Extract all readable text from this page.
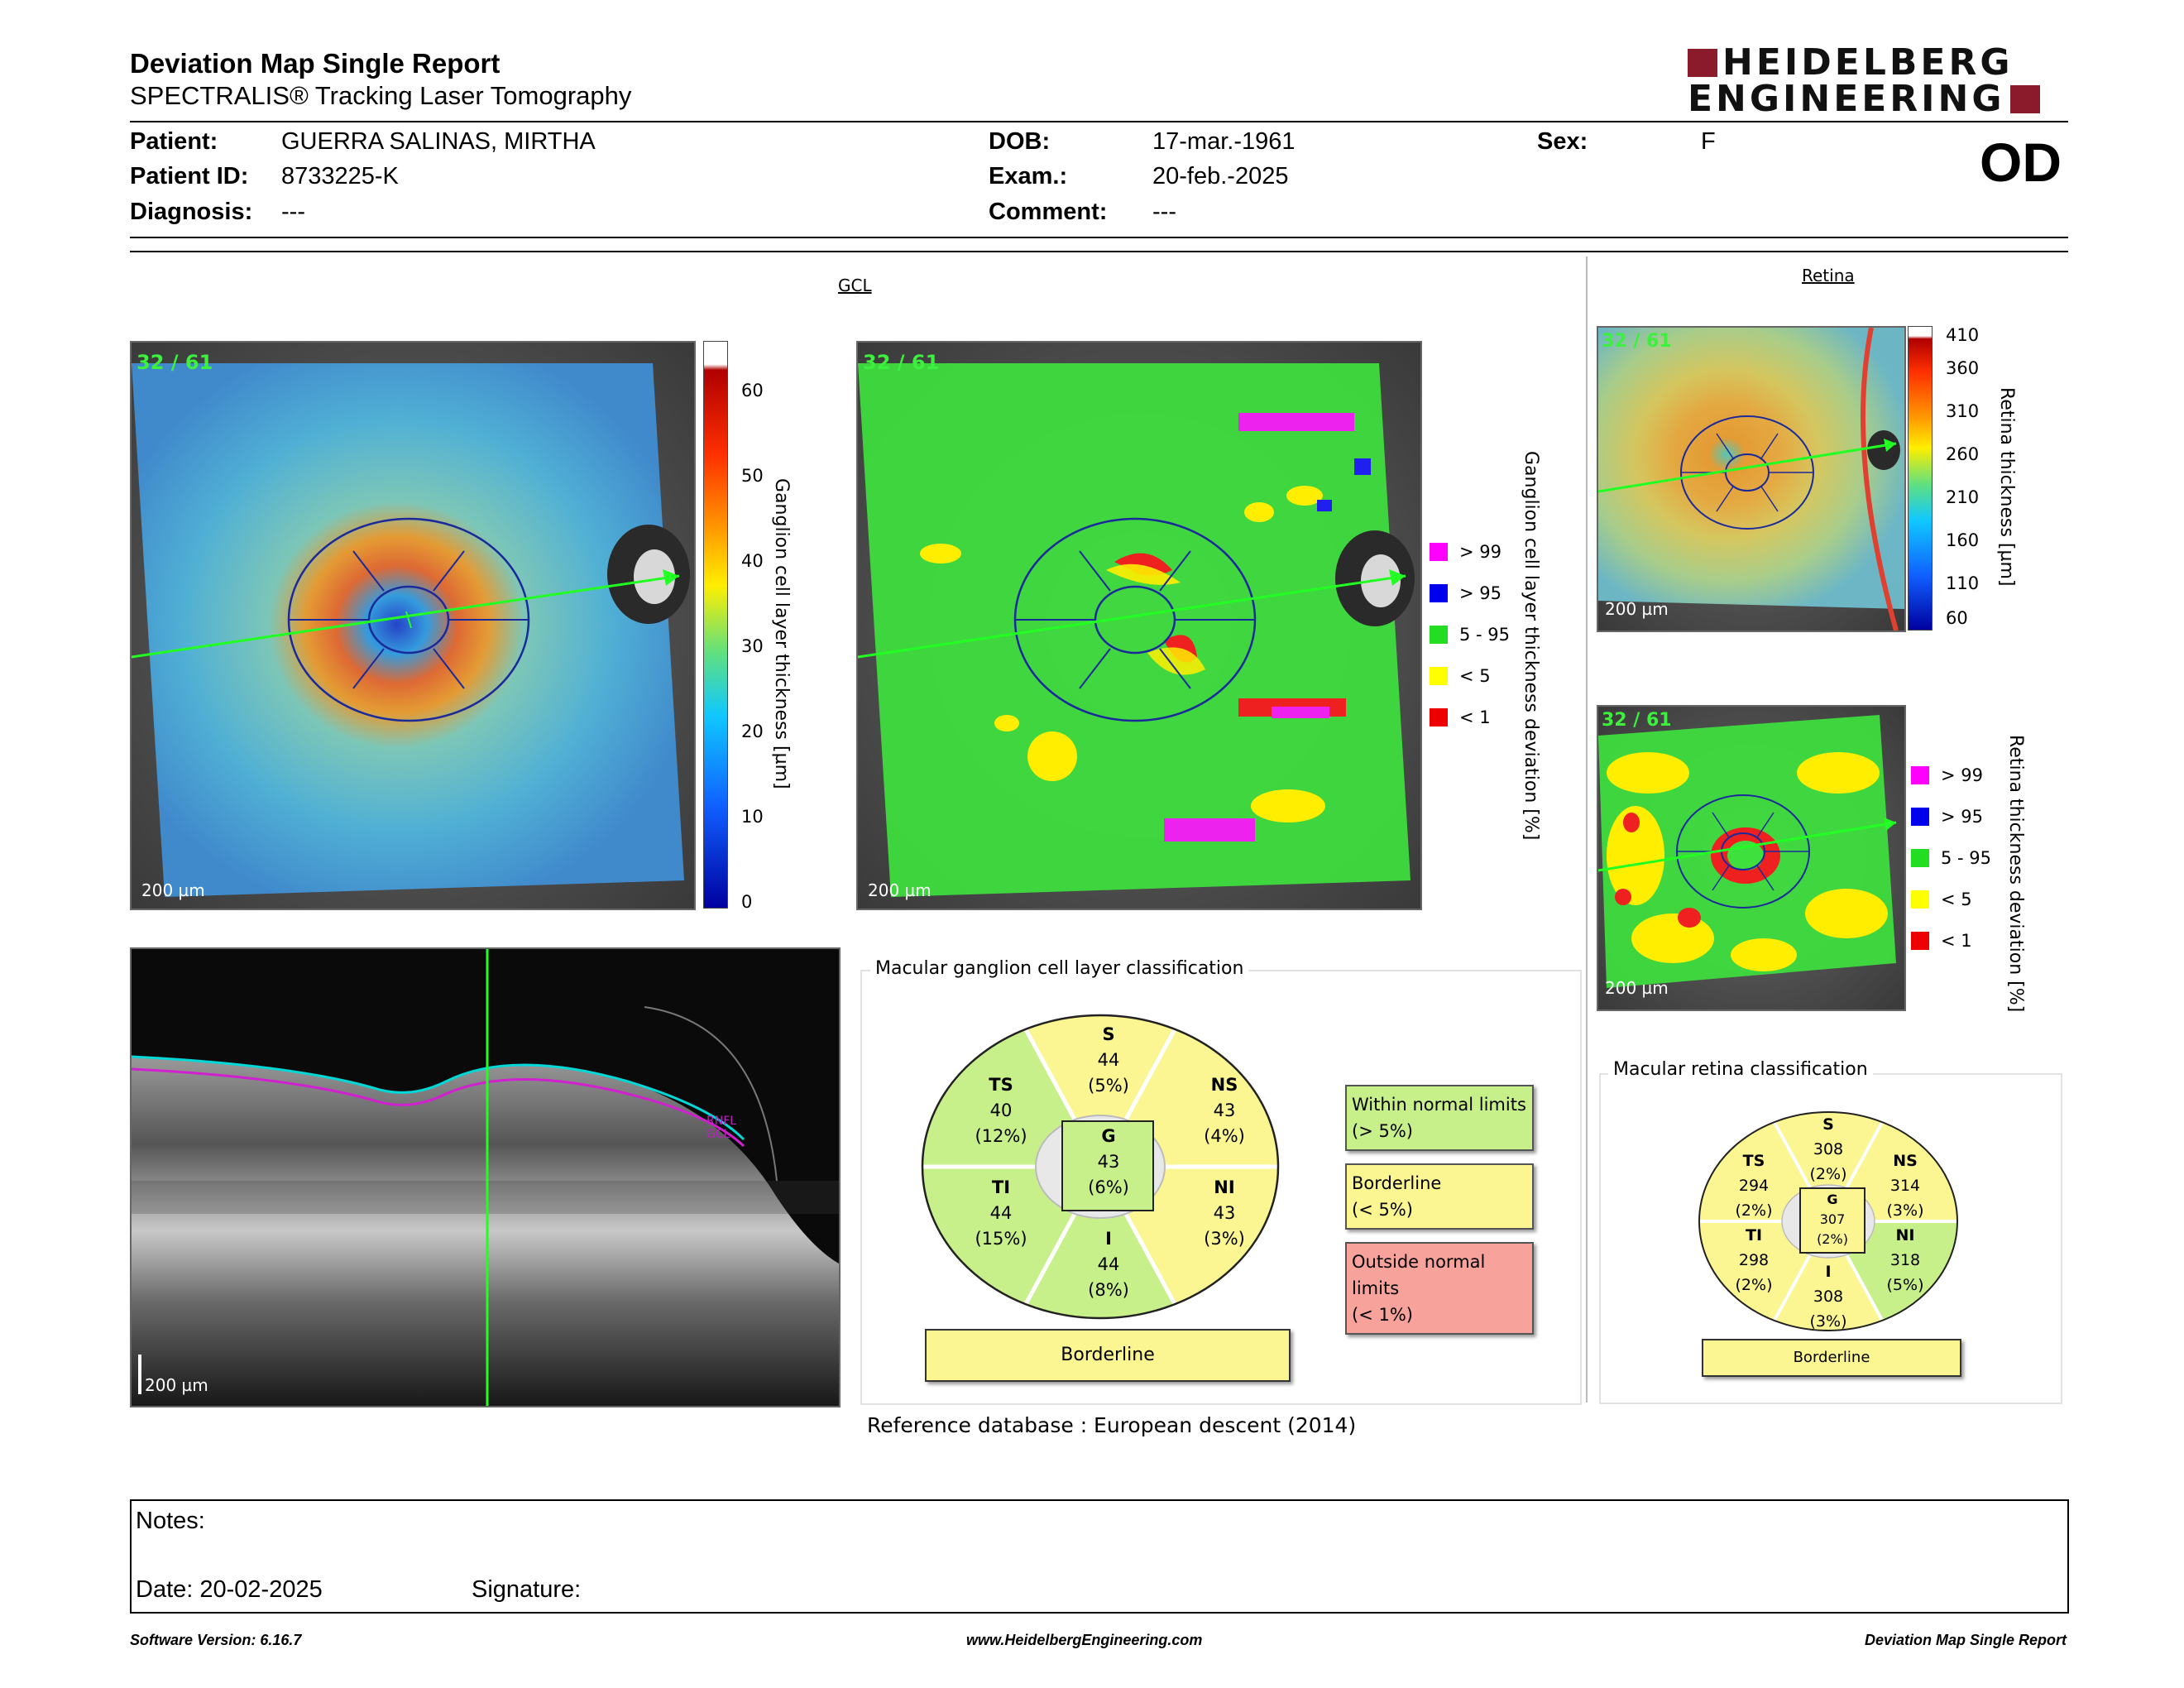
Deviation Map Single Report
SPECTRALIS® Tracking Laser Tomography
HEIDELBERG
ENGINEERING
Patient:	GUERRA SALINAS, MIRTHA
Patient ID: 8733225-K
Diagnosis: ---
DOB:	17-mar.-1961
Exam.:	20-feb.-2025
Comment: ---
Sex:	F	OD
GCL	Retina
32 / 61
200 µm
60
50
40
30
20
10
0
Ganglion cell layer thickness [µm]
32 / 61
200 µm
Ganglion cell layer thickness deviation [%]
> 99
> 95
5 - 95
< 5
< 1
32 / 61
200 µm
410
360
310
260
210
160
110
60
Retina thickness [µm]
32 / 61
200 µm
> 99
> 95
5 - 95
< 5
< 1 Retina thickness deviation [%]
RNFL
GCL
200 µm
Macular ganglion cell layer classification
S
44
(5%)	NS
43
(4%)
NI
43
(3%)
I
44
(8%)
TI
44
(15%)
TS
40
(12%)	G
43
(6%)
Borderline
Within normal limits
(> 5%)
Borderline
(< 5%)
Outside normal limits
(< 1%)
Reference database : European descent (2014)
Macular retina classification
S
308
(2%)
NS
314
(3%)
NI
318
(5%)
I
308
(3%)
TI
298
(2%)
TS
294
(2%)
G
307
(2%)
Borderline
Notes:
Date: 20-02-2025	Signature:
Software Version: 6.16.7	www.HeidelbergEngineering.com	Deviation Map Single Report
